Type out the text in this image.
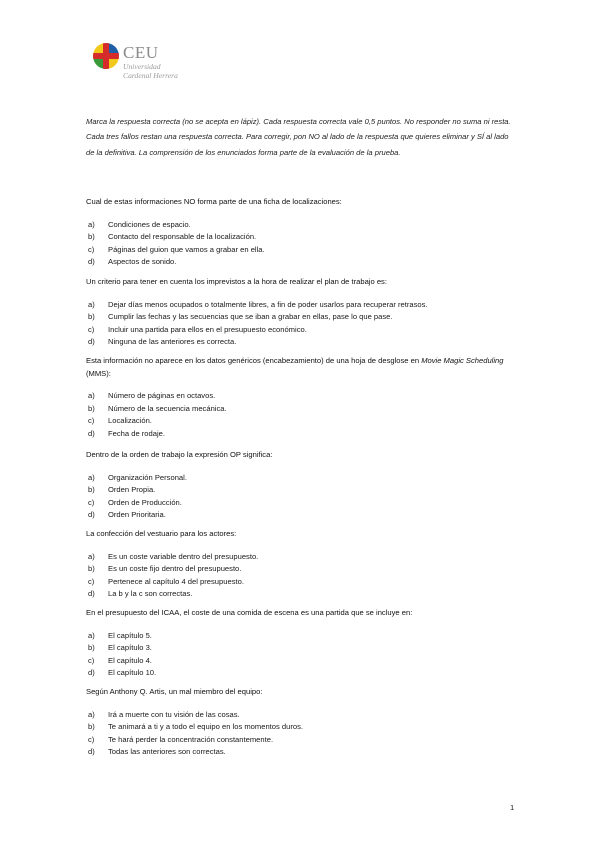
CEU
Universidad
Cardenal Herrera
Marca la respuesta correcta (no se acepta en lápiz). Cada respuesta correcta vale 0,5 puntos. No responder no suma ni resta. Cada tres fallos restan una respuesta correcta. Para corregir, pon NO al lado de la respuesta que quieres eliminar y SÍ al lado de la definitiva. La comprensión de los enunciados forma parte de la evaluación de la prueba.
Cual de estas informaciones NO forma parte de una ficha de localizaciones:
a) Condiciones de espacio.
b) Contacto del responsable de la localización.
c) Páginas del guion que vamos a grabar en ella.
d) Aspectos de sonido.
Un criterio para tener en cuenta los imprevistos a la hora de realizar el plan de trabajo es:
a) Dejar días menos ocupados o totalmente libres, a fin de poder usarlos para recuperar retrasos.
b) Cumplir las fechas y las secuencias que se iban a grabar en ellas, pase lo que pase.
c) Incluir una partida para ellos en el presupuesto económico.
d) Ninguna de las anteriores es correcta.
Esta información no aparece en los datos genéricos (encabezamiento) de una hoja de desglose en Movie Magic Scheduling (MMS):
a) Número de páginas en octavos.
b) Número de la secuencia mecánica.
c) Localización.
d) Fecha de rodaje.
Dentro de la orden de trabajo la expresión OP significa:
a) Organización Personal.
b) Orden Propia.
c) Orden de Producción.
d) Orden Prioritaria.
La confección del vestuario para los actores:
a) Es un coste variable dentro del presupuesto.
b) Es un coste fijo dentro del presupuesto.
c) Pertenece al capítulo 4 del presupuesto.
d) La b y la c son correctas.
En el presupuesto del ICAA, el coste de una comida de escena es una partida que se incluye en:
a) El capítulo 5.
b) El capítulo 3.
c) El capítulo 4.
d) El capítulo 10.
Según Anthony Q. Artis, un mal miembro del equipo:
a) Irá a muerte con tu visión de las cosas.
b) Te animará a ti y a todo el equipo en los momentos duros.
c) Te hará perder la concentración constantemente.
d) Todas las anteriores son correctas.
1
